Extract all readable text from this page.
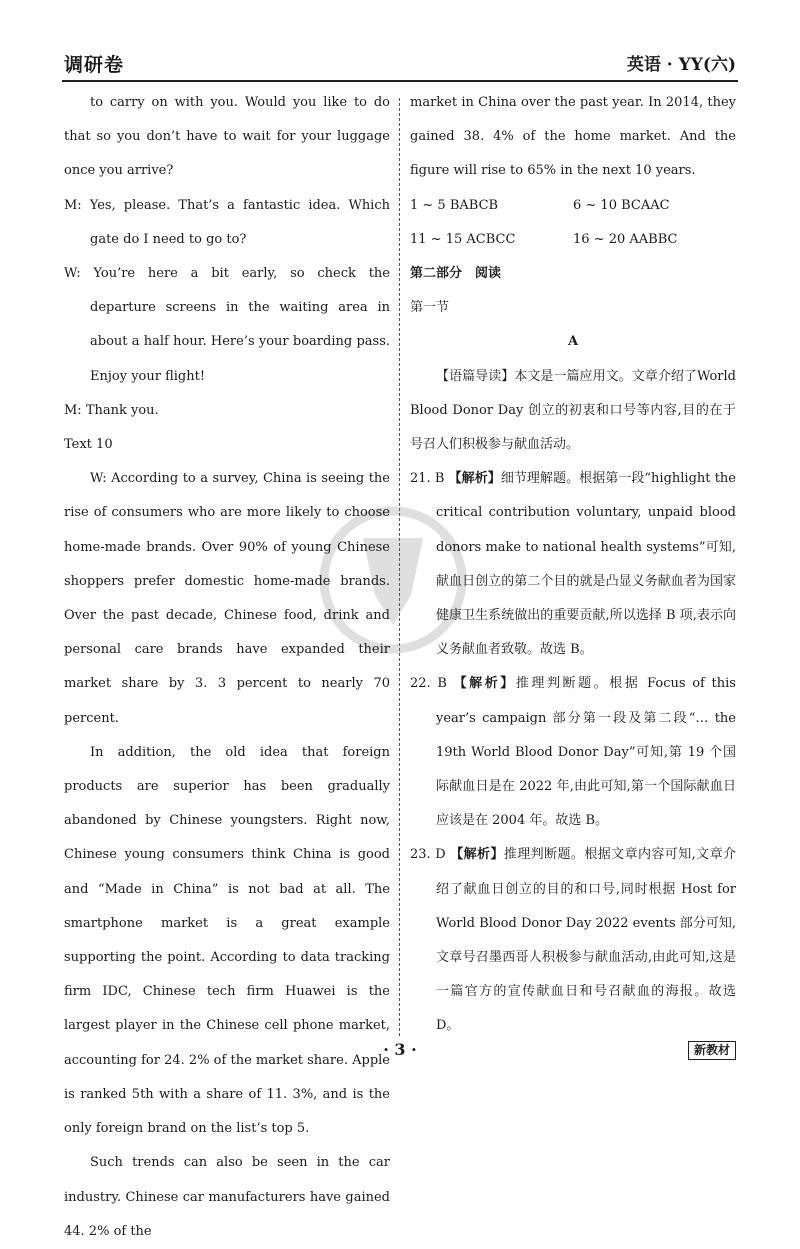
调研卷	英语 · YY(六)

to carry on with you. Would you like to do that so you don’t have to wait for your luggage once you arrive?

M: Yes, please. That’s a fantastic idea. Which gate do I need to go to?

W: You’re here a bit early, so check the departure screens in the waiting area in about a half hour. Here’s your boarding pass. Enjoy your flight!

M: Thank you.

Text 10

W: According to a survey, China is seeing the rise of consumers who are more likely to choose home-made brands. Over 90% of young Chinese shoppers prefer domestic home-made brands. Over the past decade, Chinese food, drink and personal care brands have expanded their market share by 3. 3 percent to nearly 70 percent.

In addition, the old idea that foreign products are superior has been gradually abandoned by Chinese youngsters. Right now, Chinese young consumers think China is good and “Made in China” is not bad at all. The smartphone market is a great example supporting the point. According to data tracking firm IDC, Chinese tech firm Huawei is the largest player in the Chinese cell phone market, accounting for 24. 2% of the market share. Apple is ranked 5th with a share of 11. 3%, and is the only foreign brand on the list’s top 5.

Such trends can also be seen in the car industry. Chinese car manufacturers have gained 44. 2% of the

market in China over the past year. In 2014, they gained 38. 4% of the home market. And the figure will rise to 65% in the next 10 years.

1 ~ 5 BABCB	6 ~ 10 BCAAC
11 ~ 15 ACBCC	16 ~ 20 AABBC

第二部分　阅读

第一节

A

【语篇导读】本文是一篇应用文。文章介绍了World Blood Donor Day 创立的初衷和口号等内容,目的在于号召人们积极参与献血活动。

21. B 【解析】细节理解题。根据第一段“highlight the critical contribution voluntary, unpaid blood donors make to national health systems”可知,献血日创立的第二个目的就是凸显义务献血者为国家健康卫生系统做出的重要贡献,所以选择 B 项,表示向义务献血者致敬。故选 B。

22. B 【解析】推理判断题。根据 Focus of this year’s campaign 部分第一段及第二段“… the 19th World Blood Donor Day”可知,第 19 个国际献血日是在 2022 年,由此可知,第一个国际献血日应该是在 2004 年。故选 B。

23. D 【解析】推理判断题。根据文章内容可知,文章介绍了献血日创立的目的和口号,同时根据 Host for World Blood Donor Day 2022 events 部分可知,文章号召墨西哥人积极参与献血活动,由此可知,这是一篇官方的宣传献血日和号召献血的海报。故选 D。

· 3 ·	新教材
